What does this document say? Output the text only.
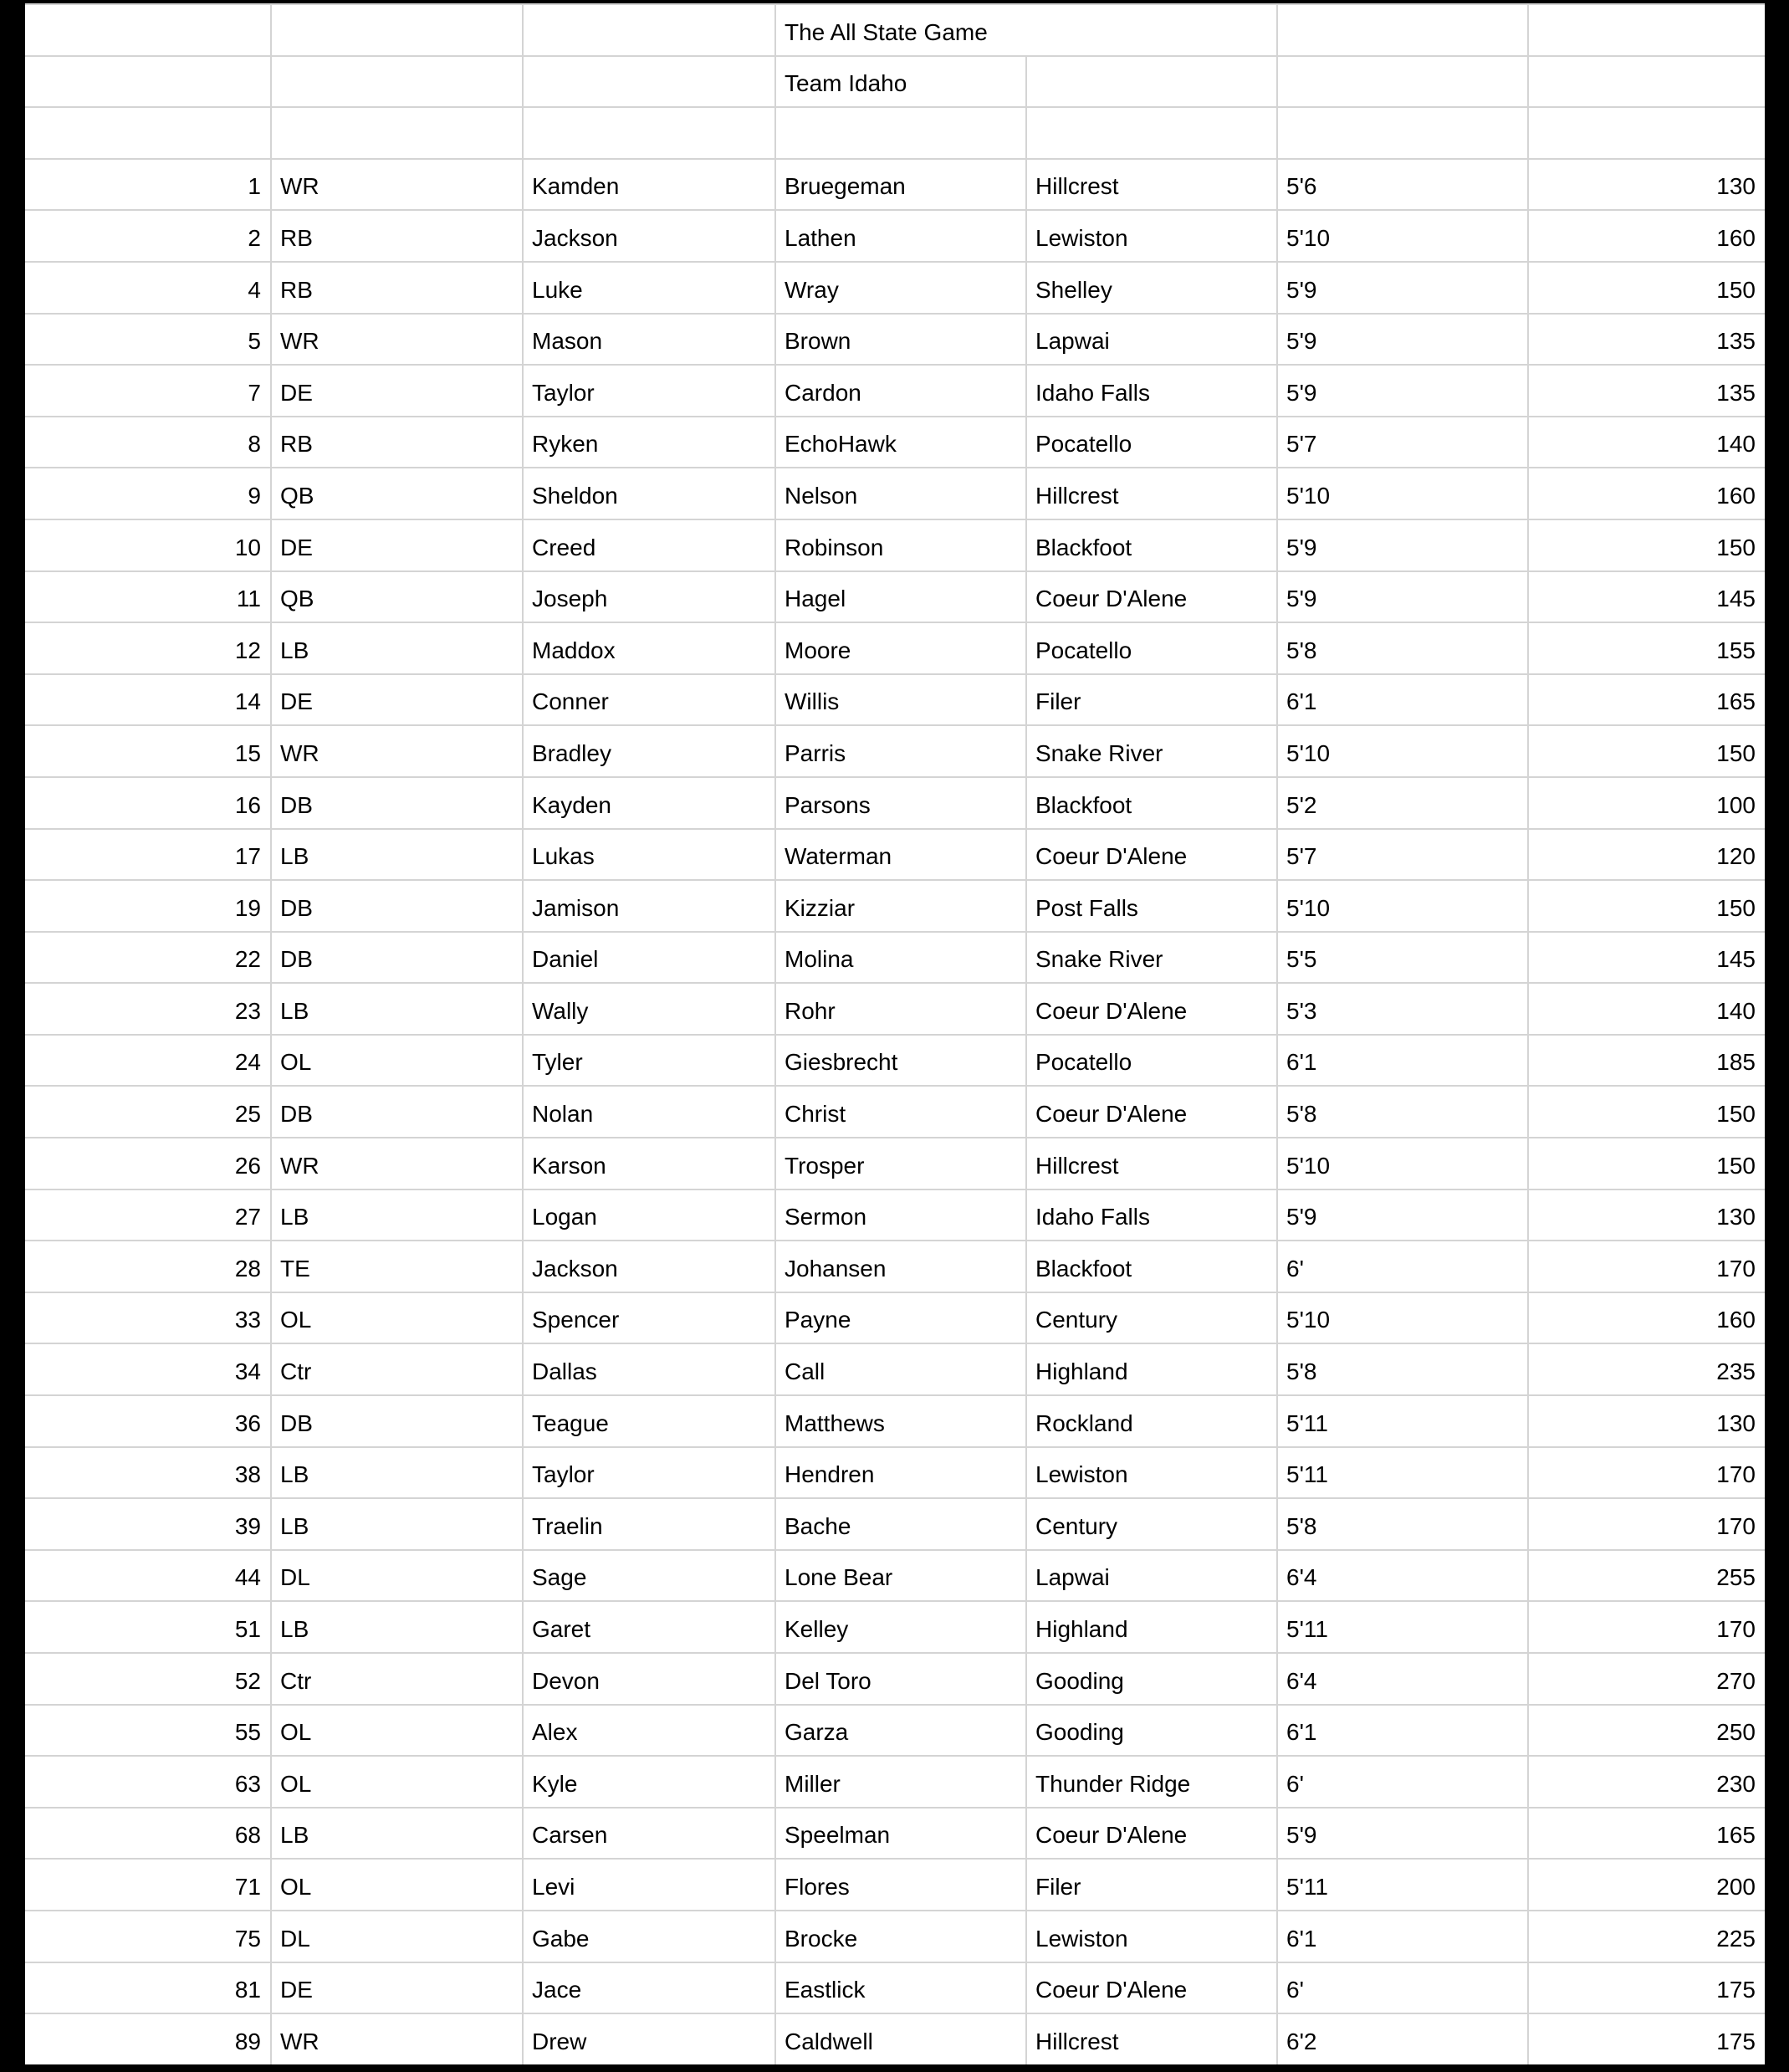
The All State Game
Team Idaho
1 WR	Kamden	Bruegeman	Hillcrest	5'6	130
2 RB	Jackson	Lathen	Lewiston	5'10	160
4 RB	Luke	Wray	Shelley	5'9	150
5 WR	Mason	Brown	Lapwai	5'9	135
7 DE	Taylor	Cardon	Idaho Falls	5'9	135
8 RB	Ryken	EchoHawk	Pocatello	5'7	140
9 QB	Sheldon	Nelson	Hillcrest	5'10	160
10 DE	Creed	Robinson	Blackfoot	5'9	150
11 QB	Joseph	Hagel	Coeur D'Alene	5'9	145
12 LB	Maddox	Moore	Pocatello	5'8	155
14 DE	Conner	Willis	Filer	6'1	165
15 WR	Bradley	Parris	Snake River	5'10	150
16 DB	Kayden	Parsons	Blackfoot	5'2	100
17 LB	Lukas	Waterman	Coeur D'Alene	5'7	120
19 DB	Jamison	Kizziar	Post Falls	5'10	150
22 DB	Daniel	Molina	Snake River	5'5	145
23 LB	Wally	Rohr	Coeur D'Alene	5'3	140
24 OL	Tyler	Giesbrecht	Pocatello	6'1	185
25 DB	Nolan	Christ	Coeur D'Alene	5'8	150
26 WR	Karson	Trosper	Hillcrest	5'10	150
27 LB	Logan	Sermon	Idaho Falls	5'9	130
28 TE	Jackson	Johansen	Blackfoot	6'	170
33 OL	Spencer	Payne	Century	5'10	160
34 Ctr	Dallas	Call	Highland	5'8	235
36 DB	Teague	Matthews	Rockland	5'11	130
38 LB	Taylor	Hendren	Lewiston	5'11	170
39 LB	Traelin	Bache	Century	5'8	170
44 DL	Sage	Lone Bear	Lapwai	6'4	255
51 LB	Garet	Kelley	Highland	5'11	170
52 Ctr	Devon	Del Toro	Gooding	6'4	270
55 OL	Alex	Garza	Gooding	6'1	250
63 OL	Kyle	Miller	Thunder Ridge	6'	230
68 LB	Carsen	Speelman	Coeur D'Alene	5'9	165
71 OL	Levi	Flores	Filer	5'11	200
75 DL	Gabe	Brocke	Lewiston	6'1	225
81 DE	Jace	Eastlick	Coeur D'Alene	6'	175
89 WR	Drew	Caldwell	Hillcrest	6'2	175
